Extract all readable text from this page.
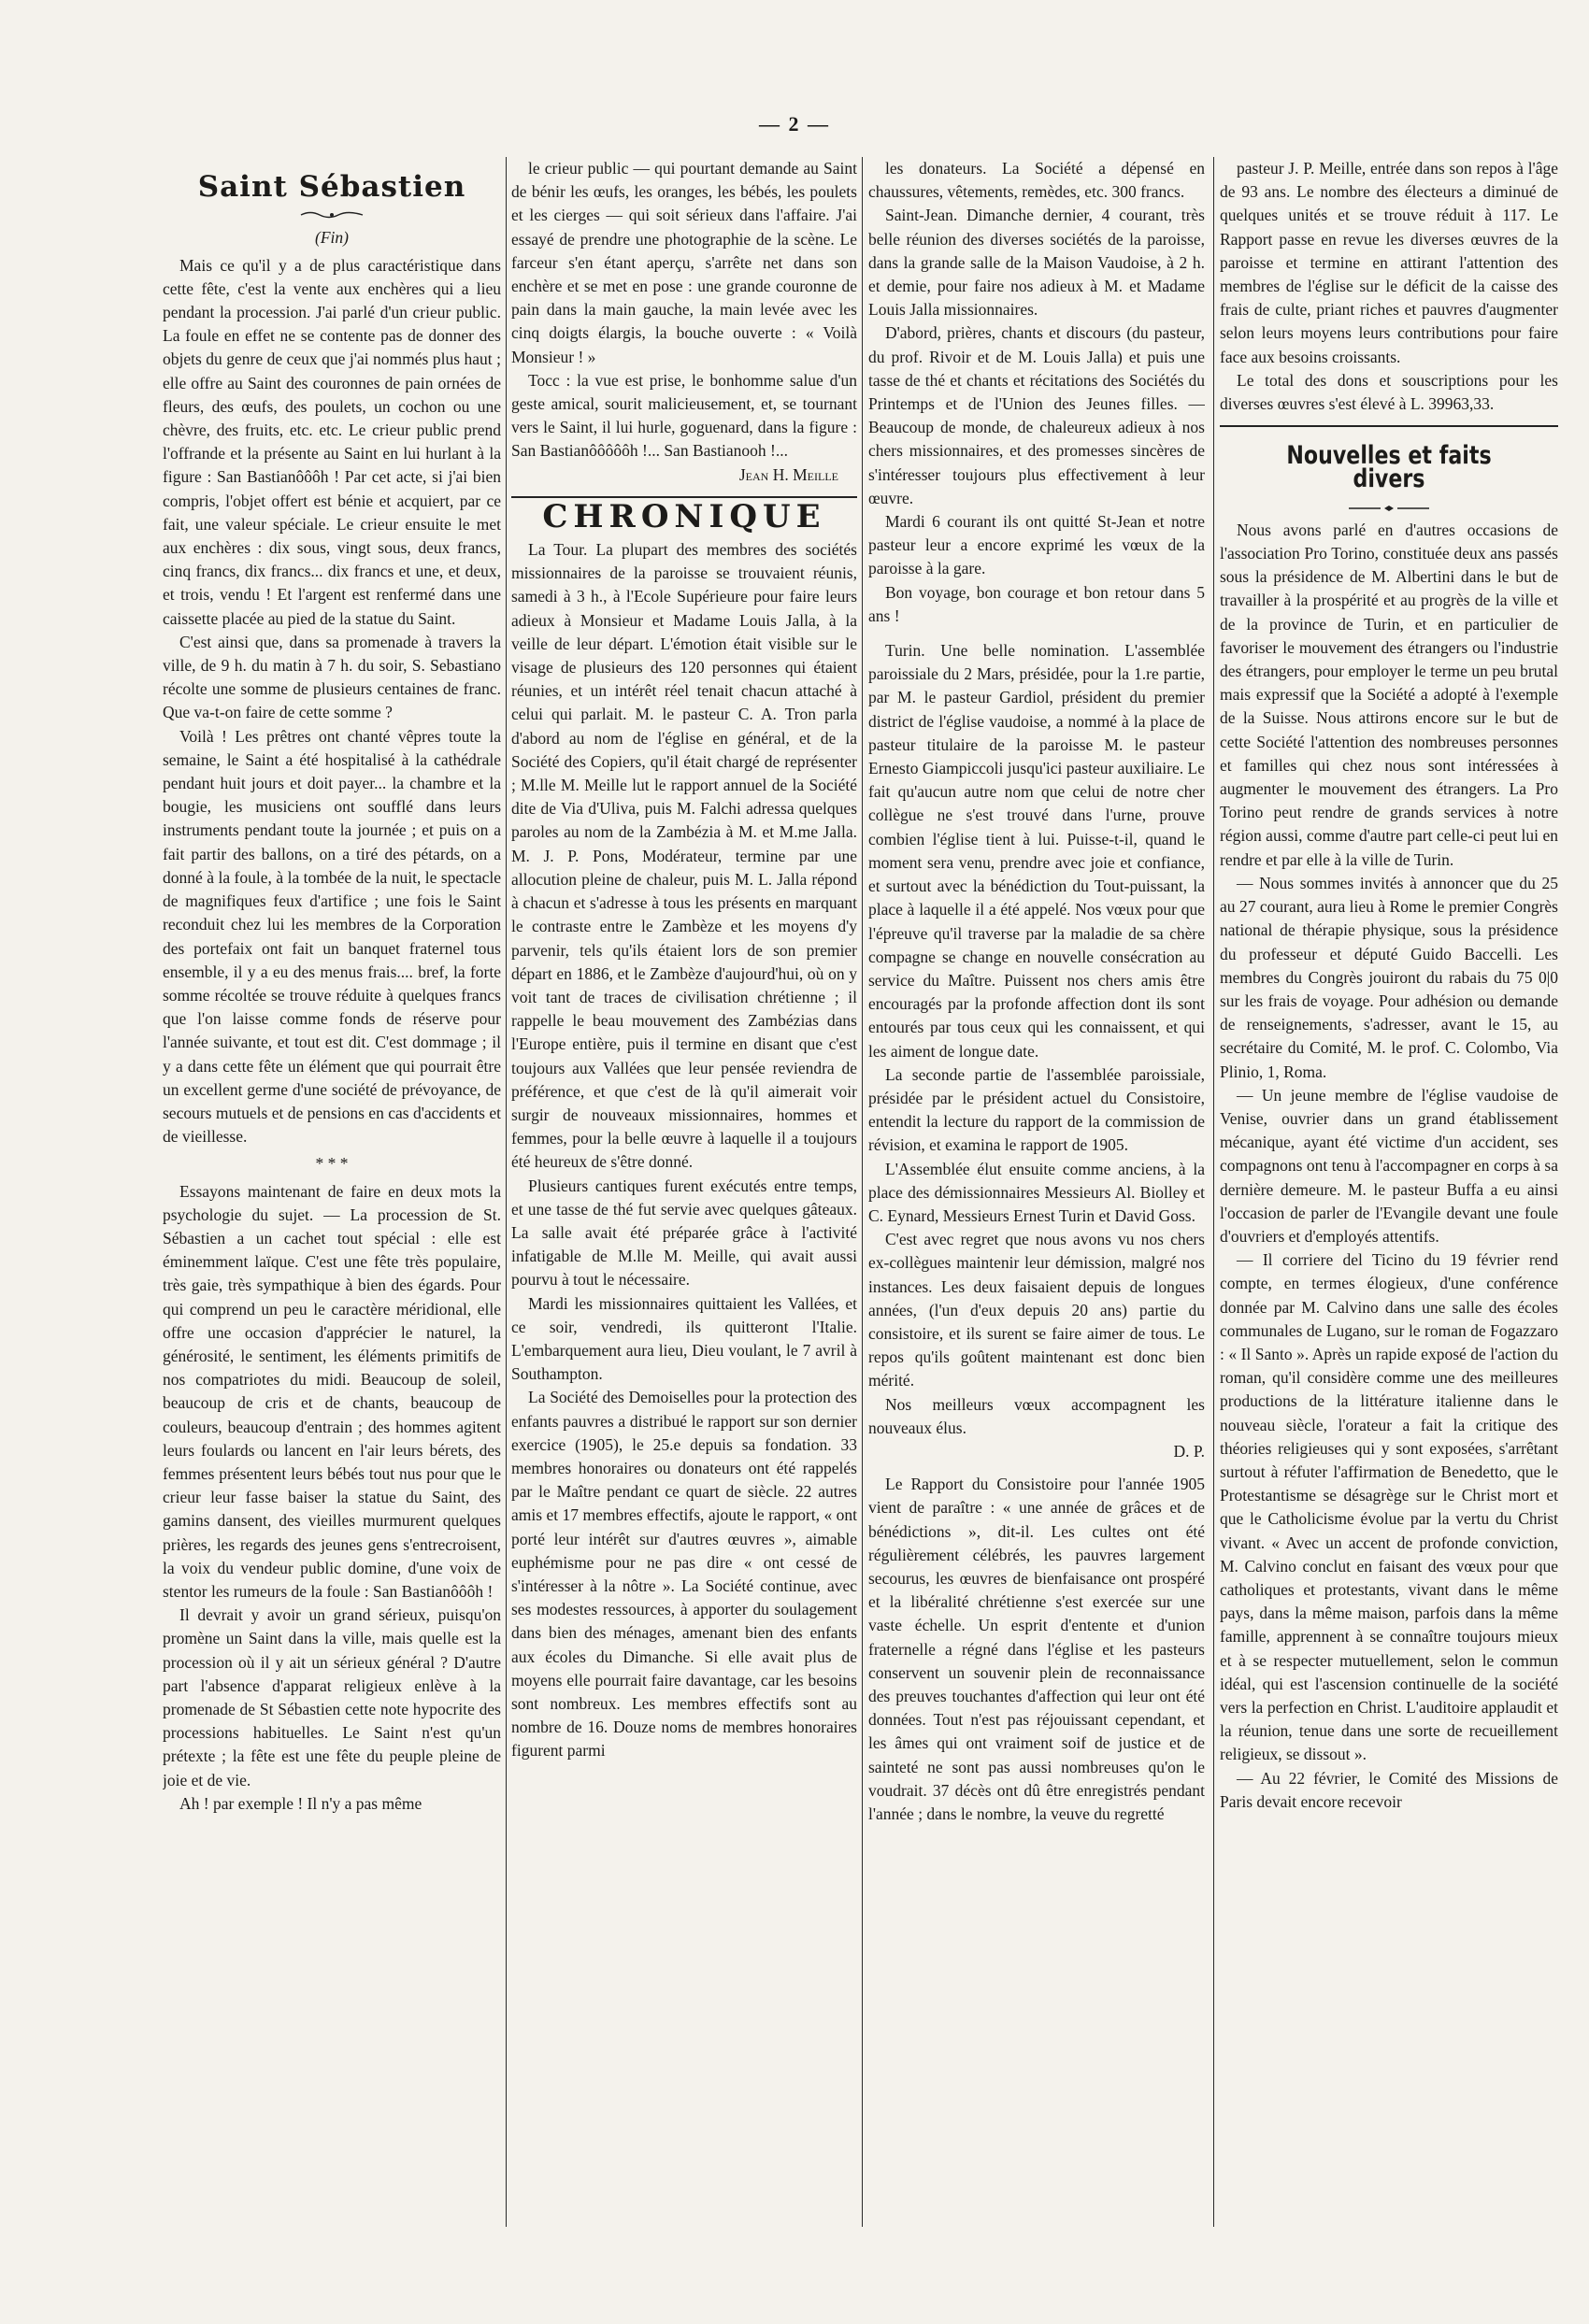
— 2 —
Saint Sébastien
(Fin)

Mais ce qu'il y a de plus caractéristique dans cette fête, c'est la vente aux enchères qui a lieu pendant la procession. J'ai parlé d'un crieur public. La foule en effet ne se contente pas de donner des objets du genre de ceux que j'ai nommés plus haut ; elle offre au Saint des couronnes de pain ornées de fleurs, des œufs, des poulets, un cochon ou une chèvre, des fruits, etc. etc. Le crieur public prend l'offrande et la présente au Saint en lui hurlant à la figure : San Bastianôôôh ! Par cet acte, si j'ai bien compris, l'objet offert est bénie et acquiert, par ce fait, une valeur spéciale. Le crieur ensuite le met aux enchères : dix sous, vingt sous, deux francs, cinq francs, dix francs... dix francs et une, et deux, et trois, vendu ! Et l'argent est renfermé dans une caissette placée au pied de la statue du Saint.

C'est ainsi que, dans sa promenade à travers la ville, de 9 h. du matin à 7 h. du soir, S. Sebastiano récolte une somme de plusieurs centaines de franc. Que va-t-on faire de cette somme ?

Voilà ! Les prêtres ont chanté vêpres toute la semaine, le Saint a été hospitalisé à la cathédrale pendant huit jours et doit payer... la chambre et la bougie, les musiciens ont soufflé dans leurs instruments pendant toute la journée ; et puis on a fait partir des ballons, on a tiré des pétards, on a donné à la foule, à la tombée de la nuit, le spectacle de magnifiques feux d'artifice ; une fois le Saint reconduit chez lui les membres de la Corporation des portefaix ont fait un banquet fraternel tous ensemble, il y a eu des menus frais.... bref, la forte somme récoltée se trouve réduite à quelques francs que l'on laisse comme fonds de réserve pour l'année suivante, et tout est dit. C'est dommage ; il y a dans cette fête un élément que qui pourrait être un excellent germe d'une société de prévoyance, de secours mutuels et de pensions en cas d'accidents et de vieillesse.

* * *

Essayons maintenant de faire en deux mots la psychologie du sujet. — La procession de St. Sébastien a un cachet tout spécial : elle est éminemment laïque. C'est une fête très populaire, très gaie, très sympathique à bien des égards. Pour qui comprend un peu le caractère méridional, elle offre une occasion d'apprécier le naturel, la générosité, le sentiment, les éléments primitifs de nos compatriotes du midi. Beaucoup de soleil, beaucoup de cris et de chants, beaucoup de couleurs, beaucoup d'entrain ; des hommes agitent leurs foulards ou lancent en l'air leurs bérets, des femmes présentent leurs bébés tout nus pour que le crieur leur fasse baiser la statue du Saint, des gamins dansent, des vieilles murmurent quelques prières, les regards des jeunes gens s'entrecroisent, la voix du vendeur public domine, d'une voix de stentor les rumeurs de la foule : San Bastianôôôh !

Il devrait y avoir un grand sérieux, puisqu'on promène un Saint dans la ville, mais quelle est la procession où il y ait un sérieux général ? D'autre part l'absence d'apparat religieux enlève à la promenade de St Sébastien cette note hypocrite des processions habituelles. Le Saint n'est qu'un prétexte ; la fête est une fête du peuple pleine de joie et de vie.

Ah ! par exemple ! Il n'y a pas même

le crieur public — qui pourtant demande au Saint de bénir les œufs, les oranges, les bébés, les poulets et les cierges — qui soit sérieux dans l'affaire. J'ai essayé de prendre une photographie de la scène. Le farceur s'en étant aperçu, s'arrête net dans son enchère et se met en pose : une grande couronne de pain dans la main gauche, la main levée avec les cinq doigts élargis, la bouche ouverte : « Voilà Monsieur ! »

Tocc : la vue est prise, le bonhomme salue d'un geste amical, sourit malicieusement, et, se tournant vers le Saint, il lui hurle, goguenard, dans la figure : San Bastianôôôôôh !... San Bastianooh !...

Jean H. Meille
CHRONIQUE

La Tour. La plupart des membres des sociétés missionnaires de la paroisse se trouvaient réunis, samedi à 3 h., à l'Ecole Supérieure pour faire leurs adieux à Monsieur et Madame Louis Jalla, à la veille de leur départ. L'émotion était visible sur le visage de plusieurs des 120 personnes qui étaient réunies, et un intérêt réel tenait chacun attaché à celui qui parlait. M. le pasteur C. A. Tron parla d'abord au nom de l'église en général, et de la Société des Copiers, qu'il était chargé de représenter ; M.lle M. Meille lut le rapport annuel de la Société dite de Via d'Uliva, puis M. Falchi adressa quelques paroles au nom de la Zambézia à M. et M.me Jalla. M. J. P. Pons, Modérateur, termine par une allocution pleine de chaleur, puis M. L. Jalla répond à chacun et s'adresse à tous les présents en marquant le contraste entre le Zambèze et les moyens d'y parvenir, tels qu'ils étaient lors de son premier départ en 1886, et le Zambèze d'aujourd'hui, où on y voit tant de traces de civilisation chrétienne ; il rappelle le beau mouvement des Zambézias dans l'Europe entière, puis il termine en disant que c'est toujours aux Vallées que leur pensée reviendra de préférence, et que c'est de là qu'il aimerait voir surgir de nouveaux missionnaires, hommes et femmes, pour la belle œuvre à laquelle il a toujours été heureux de s'être donné.

Plusieurs cantiques furent exécutés entre temps, et une tasse de thé fut servie avec quelques gâteaux. La salle avait été préparée grâce à l'activité infatigable de M.lle M. Meille, qui avait aussi pourvu à tout le nécessaire.

Mardi les missionnaires quittaient les Vallées, et ce soir, vendredi, ils quitteront l'Italie. L'embarquement aura lieu, Dieu voulant, le 7 avril à Southampton.

La Société des Demoiselles pour la protection des enfants pauvres a distribué le rapport sur son dernier exercice (1905), le 25.e depuis sa fondation. 33 membres honoraires ou donateurs ont été rappelés par le Maître pendant ce quart de siècle. 22 autres amis et 17 membres effectifs, ajoute le rapport, « ont porté leur intérêt sur d'autres œuvres », aimable euphémisme pour ne pas dire « ont cessé de s'intéresser à la nôtre ». La Société continue, avec ses modestes ressources, à apporter du soulagement dans bien des ménages, amenant bien des enfants aux écoles du Dimanche. Si elle avait plus de moyens elle pourrait faire davantage, car les besoins sont nombreux. Les membres effectifs sont au nombre de 16. Douze noms de membres honoraires figurent parmi

les donateurs. La Société a dépensé en chaussures, vêtements, remèdes, etc. 300 francs.

Saint-Jean. Dimanche dernier, 4 courant, très belle réunion des diverses sociétés de la paroisse, dans la grande salle de la Maison Vaudoise, à 2 h. et demie, pour faire nos adieux à M. et Madame Louis Jalla missionnaires.

D'abord, prières, chants et discours (du pasteur, du prof. Rivoir et de M. Louis Jalla) et puis une tasse de thé et chants et récitations des Sociétés du Printemps et de l'Union des Jeunes filles. — Beaucoup de monde, de chaleureux adieux à nos chers missionnaires, et des promesses sincères de s'intéresser toujours plus effectivement à leur œuvre.

Mardi 6 courant ils ont quitté St-Jean et notre pasteur leur a encore exprimé les vœux de la paroisse à la gare.

Bon voyage, bon courage et bon retour dans 5 ans !

Turin. Une belle nomination. L'assemblée paroissiale du 2 Mars, présidée, pour la 1.re partie, par M. le pasteur Gardiol, président du premier district de l'église vaudoise, a nommé à la place de pasteur titulaire de la paroisse M. le pasteur Ernesto Giampiccoli jusqu'ici pasteur auxiliaire. Le fait qu'aucun autre nom que celui de notre cher collègue ne s'est trouvé dans l'urne, prouve combien l'église tient à lui. Puisse-t-il, quand le moment sera venu, prendre avec joie et confiance, et surtout avec la bénédiction du Tout-puissant, la place à laquelle il a été appelé. Nos vœux pour que l'épreuve qu'il traverse par la maladie de sa chère compagne se change en nouvelle consécration au service du Maître. Puissent nos chers amis être encouragés par la profonde affection dont ils sont entourés par tous ceux qui les connaissent, et qui les aiment de longue date.

La seconde partie de l'assemblée paroissiale, présidée par le président actuel du Consistoire, entendit la lecture du rapport de la commission de révision, et examina le rapport de 1905.

L'Assemblée élut ensuite comme anciens, à la place des démissionnaires Messieurs Al. Biolley et C. Eynard, Messieurs Ernest Turin et David Goss.

C'est avec regret que nous avons vu nos chers ex-collègues maintenir leur démission, malgré nos instances. Les deux faisaient depuis de longues années, (l'un d'eux depuis 20 ans) partie du consistoire, et ils surent se faire aimer de tous. Le repos qu'ils goûtent maintenant est donc bien mérité.

Nos meilleurs vœux accompagnent les nouveaux élus.

D. P.

Le Rapport du Consistoire pour l'année 1905 vient de paraître : « une année de grâces et de bénédictions », dit-il. Les cultes ont été régulièrement célébrés, les pauvres largement secourus, les œuvres de bienfaisance ont prospéré et la libéralité chrétienne s'est exercée sur une vaste échelle. Un esprit d'entente et d'union fraternelle a régné dans l'église et les pasteurs conservent un souvenir plein de reconnaissance des preuves touchantes d'affection qui leur ont été données. Tout n'est pas réjouissant cependant, et les âmes qui ont vraiment soif de justice et de sainteté ne sont pas aussi nombreuses qu'on le voudrait. 37 décès ont dû être enregistrés pendant l'année ; dans le nombre, la veuve du regretté

pasteur J. P. Meille, entrée dans son repos à l'âge de 93 ans. Le nombre des électeurs a diminué de quelques unités et se trouve réduit à 117. Le Rapport passe en revue les diverses œuvres de la paroisse et termine en attirant l'attention des membres de l'église sur le déficit de la caisse des frais de culte, priant riches et pauvres d'augmenter selon leurs moyens leurs contributions pour faire face aux besoins croissants.

Le total des dons et souscriptions pour les diverses œuvres s'est élevé à L. 39963,33.

Nouvelles et faits divers

Nous avons parlé en d'autres occasions de l'association Pro Torino, constituée deux ans passés sous la présidence de M. Albertini dans le but de travailler à la prospérité et au progrès de la ville et de la province de Turin, et en particulier de favoriser le mouvement des étrangers ou l'industrie des étrangers, pour employer le terme un peu brutal mais expressif que la Société a adopté à l'exemple de la Suisse. Nous attirons encore sur le but de cette Société l'attention des nombreuses personnes et familles qui chez nous sont intéressées à augmenter le mouvement des étrangers. La Pro Torino peut rendre de grands services à notre région aussi, comme d'autre part celle-ci peut lui en rendre et par elle à la ville de Turin.

— Nous sommes invités à annoncer que du 25 au 27 courant, aura lieu à Rome le premier Congrès national de thérapie physique, sous la présidence du professeur et député Guido Baccelli. Les membres du Congrès jouiront du rabais du 75 0|0 sur les frais de voyage. Pour adhésion ou demande de renseignements, s'adresser, avant le 15, au secrétaire du Comité, M. le prof. C. Colombo, Via Plinio, 1, Roma.

— Un jeune membre de l'église vaudoise de Venise, ouvrier dans un grand établissement mécanique, ayant été victime d'un accident, ses compagnons ont tenu à l'accompagner en corps à sa dernière demeure. M. le pasteur Buffa a eu ainsi l'occasion de parler de l'Evangile devant une foule d'ouvriers et d'employés attentifs.

— Il corriere del Ticino du 19 février rend compte, en termes élogieux, d'une conférence donnée par M. Calvino dans une salle des écoles communales de Lugano, sur le roman de Fogazzaro : « Il Santo ». Après un rapide exposé de l'action du roman, qu'il considère comme une des meilleures productions de la littérature italienne dans le nouveau siècle, l'orateur a fait la critique des théories religieuses qui y sont exposées, s'arrêtant surtout à réfuter l'affirmation de Benedetto, que le Protestantisme se désagrège sur le Christ mort et que le Catholicisme évolue par la vertu du Christ vivant. « Avec un accent de profonde conviction, M. Calvino conclut en faisant des vœux pour que catholiques et protestants, vivant dans le même pays, dans la même maison, parfois dans la même famille, apprennent à se connaître toujours mieux et à se respecter mutuellement, selon le commun idéal, qui est l'ascension continuelle de la société vers la perfection en Christ. L'auditoire applaudit et la réunion, tenue dans une sorte de recueillement religieux, se dissout ».

— Au 22 février, le Comité des Missions de Paris devait encore recevoir
